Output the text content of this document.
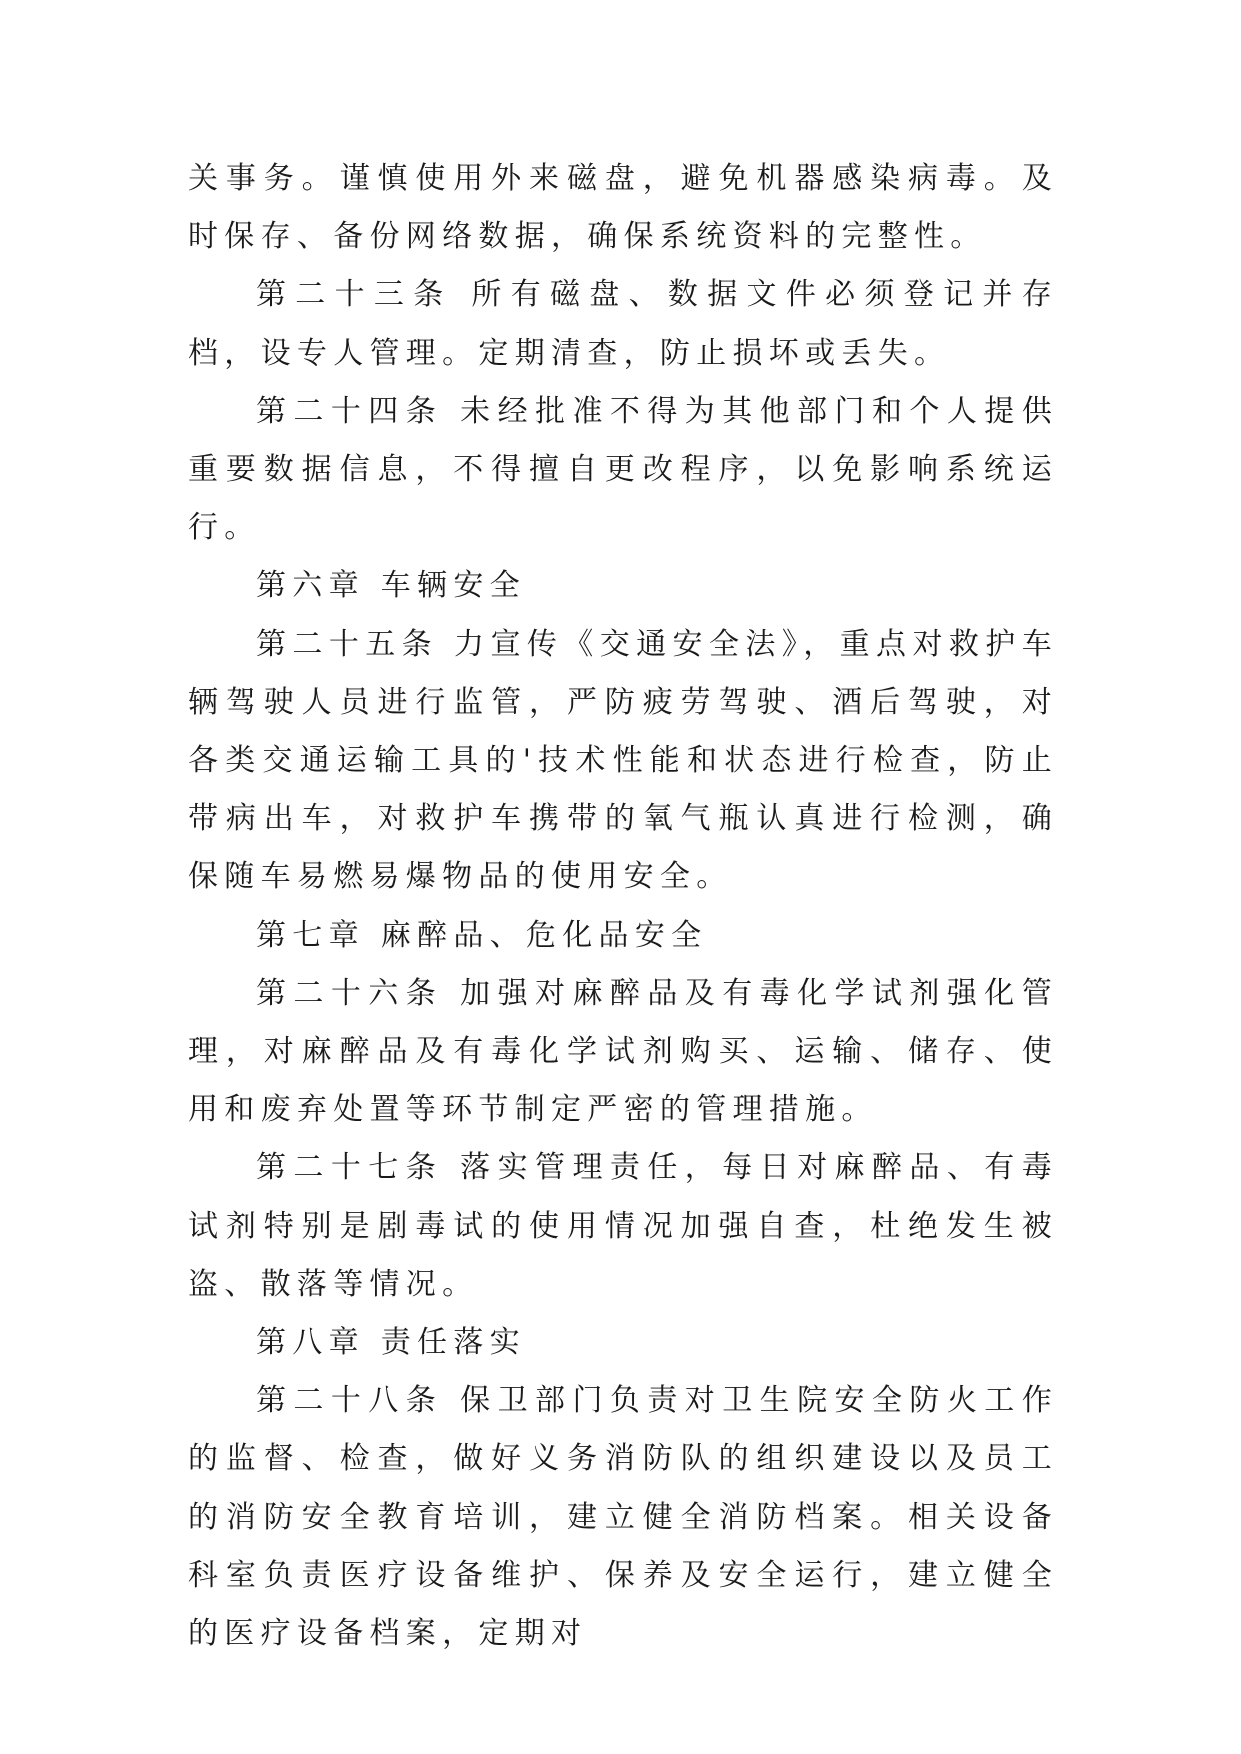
关事务。谨慎使用外来磁盘，避免机器感染病毒。及时保存、备份网络数据，确保系统资料的完整性。

第二十三条 所有磁盘、数据文件必须登记并存档，设专人管理。定期清查，防止损坏或丢失。

第二十四条 未经批准不得为其他部门和个人提供重要数据信息，不得擅自更改程序，以免影响系统运行。

第六章 车辆安全

第二十五条 力宣传《交通安全法》，重点对救护车辆驾驶人员进行监管，严防疲劳驾驶、酒后驾驶，对各类交通运输工具的'技术性能和状态进行检查，防止带病出车，对救护车携带的氧气瓶认真进行检测，确保随车易燃易爆物品的使用安全。

第七章 麻醉品、危化品安全

第二十六条 加强对麻醉品及有毒化学试剂强化管理，对麻醉品及有毒化学试剂购买、运输、储存、使用和废弃处置等环节制定严密的管理措施。

第二十七条 落实管理责任，每日对麻醉品、有毒试剂特别是剧毒试的使用情况加强自查，杜绝发生被盗、散落等情况。

第八章 责任落实

第二十八条 保卫部门负责对卫生院安全防火工作的监督、检查，做好义务消防队的组织建设以及员工的消防安全教育培训，建立健全消防档案。相关设备科室负责医疗设备维护、保养及安全运行，建立健全的医疗设备档案，定期对
